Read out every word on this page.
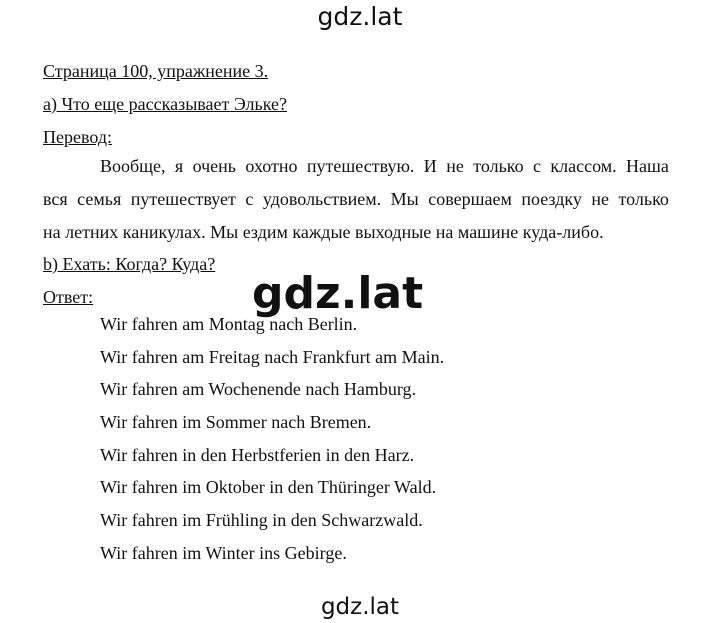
gdz.lat
Страница 100, упражнение 3.
a) Что еще рассказывает Эльке?
Перевод:
Вообще, я очень охотно путешествую. И не только с классом. Наша
вся семья путешествует с удовольствием. Мы совершаем поездку не только
на летних каникулах. Мы ездим каждые выходные на машине куда-либо.
b) Ехать: Когда? Куда?
Ответ:
Wir fahren am Montag nach Berlin.
Wir fahren am Freitag nach Frankfurt am Main.
Wir fahren am Wochenende nach Hamburg.
Wir fahren im Sommer nach Bremen.
Wir fahren in den Herbstferien in den Harz.
Wir fahren im Oktober in den Thüringer Wald.
Wir fahren im Frühling in den Schwarzwald.
Wir fahren im Winter ins Gebirge.
gdz.lat
gdz.lat
